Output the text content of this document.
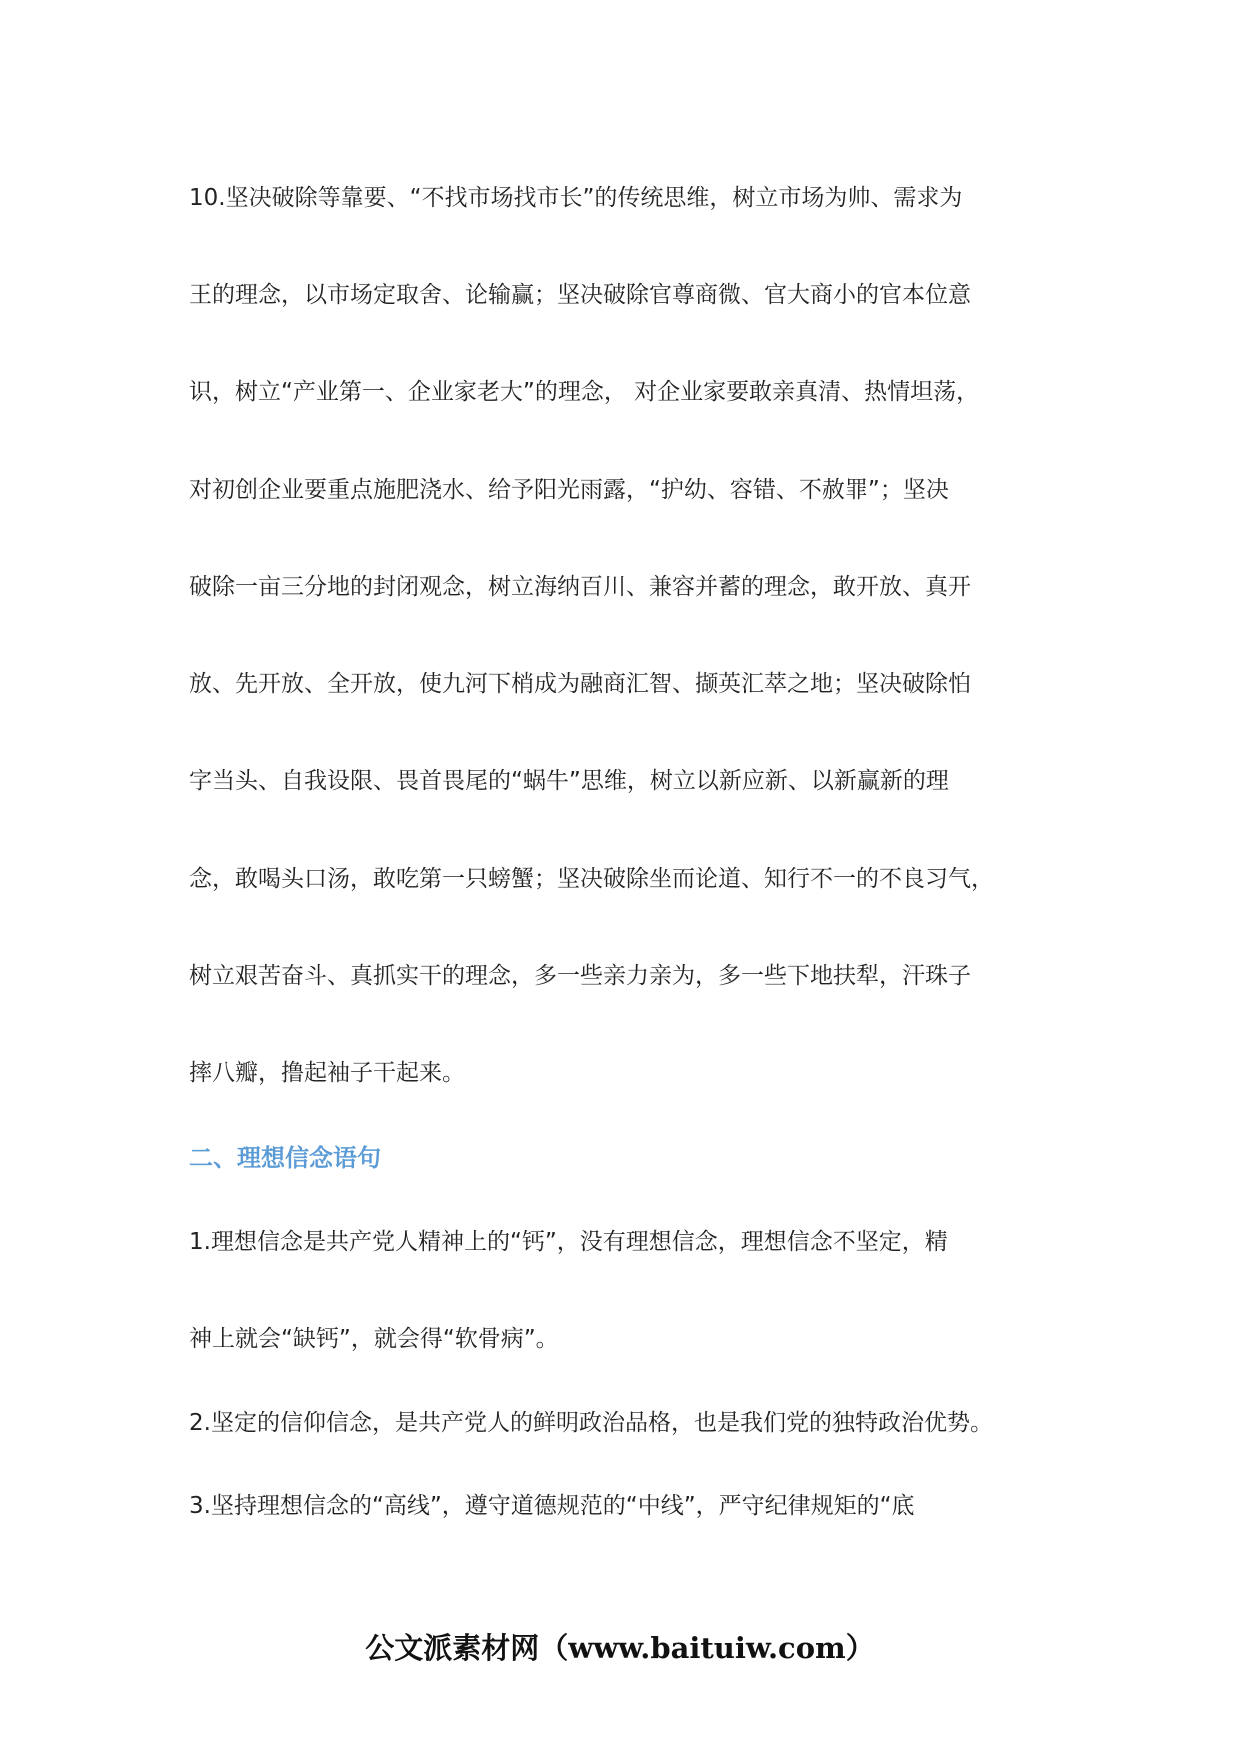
10.坚决破除等靠要、“不找市场找市长”的传统思维，树立市场为帅、需求为
王的理念，以市场定取舍、论输赢；坚决破除官尊商微、官大商小的官本位意
识，树立“产业第一、企业家老大”的理念， 对企业家要敢亲真清、热情坦荡，
对初创企业要重点施肥浇水、给予阳光雨露，“护幼、容错、不赦罪”；坚决
破除一亩三分地的封闭观念，树立海纳百川、兼容并蓄的理念，敢开放、真开
放、先开放、全开放，使九河下梢成为融商汇智、撷英汇萃之地；坚决破除怕
字当头、自我设限、畏首畏尾的“蜗牛”思维，树立以新应新、以新赢新的理
念，敢喝头口汤，敢吃第一只螃蟹；坚决破除坐而论道、知行不一的不良习气，
树立艰苦奋斗、真抓实干的理念，多一些亲力亲为，多一些下地扶犁，汗珠子
摔八瓣，撸起袖子干起来。
二、理想信念语句
1.理想信念是共产党人精神上的“钙”，没有理想信念，理想信念不坚定，精
神上就会“缺钙”，就会得“软骨病”。
2.坚定的信仰信念，是共产党人的鲜明政治品格，也是我们党的独特政治优势。
3.坚持理想信念的“高线”，遵守道德规范的“中线”，严守纪律规矩的“底
公文派素材网（www.baituiw.com）
